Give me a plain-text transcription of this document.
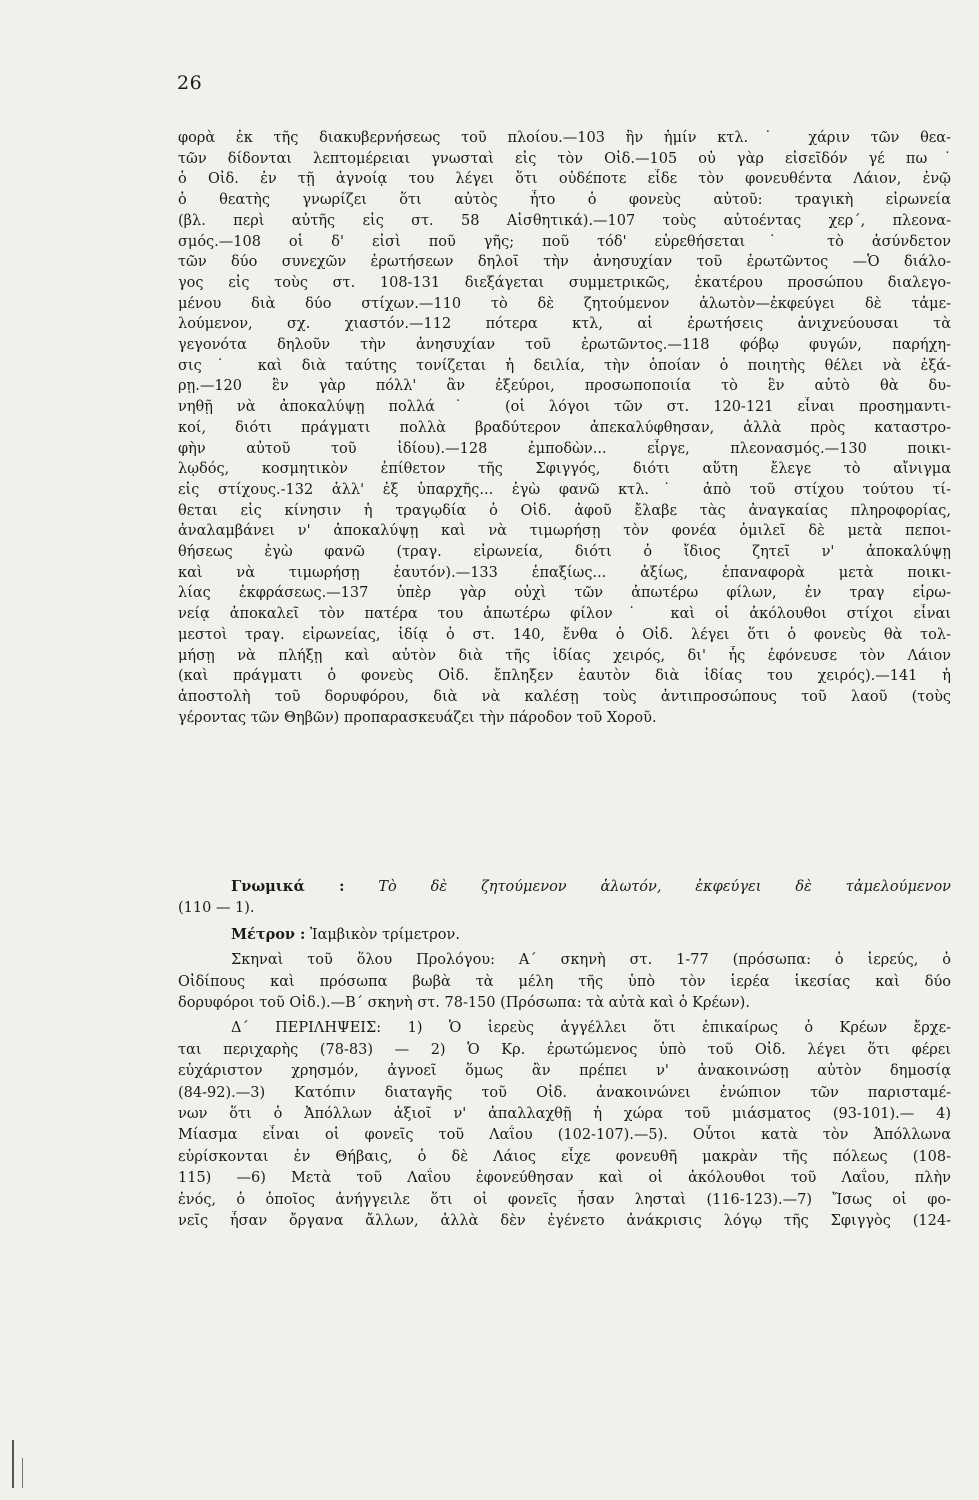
26
φορὰ ἐκ τῆς διακυβερνήσεως τοῦ πλοίου.—103 ἣν ἡμίν κτλ.˙ χάριν τῶν θεα-
τῶν δίδονται λεπτομέρειαι γνωσταὶ εἰς τὸν Οἰδ.—105 οὐ γὰρ εἰσεῖδόν γέ πω˙
ὁ Οἰδ. ἐν τῇ ἀγνοίᾳ του λέγει ὅτι οὐδέποτε εἶδε τὸν φονευθέντα Λάιον, ἐνῷ
ὁ θεατὴς γνωρίζει ὅτι αὐτὸς ἦτο ὁ φονεὺς αὐτοῦ: τραγικὴ εἰρωνεία
(βλ. περὶ αὐτῆς εἰς στ. 58 Αἰσθητικά).—107 τοὺς αὐτοέντας χερ΄, πλεονα-
σμός.—108 οἱ δ' εἰσὶ ποῦ γῆς; ποῦ τόδ' εὑρεθήσεται˙ τὸ ἀσύνδετον
τῶν δύο συνεχῶν ἐρωτήσεων δηλοῖ τὴν ἀνησυχίαν τοῦ ἐρωτῶντος —Ὁ διάλο-
γος εἰς τοὺς στ. 108-131 διεξάγεται συμμετρικῶς, ἑκατέρου προσώπου διαλεγο-
μένου διὰ δύο στίχων.—110 τὸ δὲ ζητούμενον ἁλωτὸν—ἐκφεύγει δὲ τἀμε-
λούμενον, σχ. χιαστόν.—112 πότερα κτλ, αἱ ἐρωτήσεις ἀνιχνεύουσαι τὰ
γεγονότα δηλοῦν τὴν ἀνησυχίαν τοῦ ἐρωτῶντος.—118 φόβῳ φυγών, παρήχη-
σις˙ καὶ διὰ ταύτης τονίζεται ἡ δειλία, τὴν ὁποίαν ὁ ποιητὴς θέλει νὰ ἐξά-
ρῃ.—120 ἓν γὰρ πόλλ' ἂν ἐξεύροι, προσωποποιία τὸ ἓν αὐτὸ θὰ δυ-
νηθῇ νὰ ἀποκαλύψῃ πολλά˙ (οἱ λόγοι τῶν στ. 120-121 εἶναι προσημαντι-
κοί, διότι πράγματι πολλὰ βραδύτερον ἀπεκαλύφθησαν, ἀλλὰ πρὸς καταστρο-
φὴν αὐτοῦ τοῦ ἰδίου).—128 ἐμποδὼν... εἶργε, πλεονασμός.—130 ποικι-
λῳδός, κοσμητικὸν ἐπίθετον τῆς Σφιγγός, διότι αὕτη ἔλεγε τὸ αἴνιγμα
εἰς στίχους.-132 ἀλλ' ἐξ ὑπαρχῆς... ἐγὼ φανῶ κτλ.˙ ἀπὸ τοῦ στίχου τούτου τί-
θεται εἰς κίνησιν ἡ τραγῳδία ὁ Οἰδ. ἀφοῦ ἔλαβε τὰς ἀναγκαίας πληροφορίας,
ἀναλαμβάνει ν' ἀποκαλύψῃ καὶ νὰ τιμωρήσῃ τὸν φονέα ὁμιλεῖ δὲ μετὰ πεποι-
θήσεως ἐγὼ φανῶ (τραγ. εἰρωνεία, διότι ὁ ἴδιος ζητεῖ ν' ἀποκαλύψῃ
καὶ νὰ τιμωρήσῃ ἑαυτόν).—133 ἐπαξίως... ἀξίως, ἐπαναφορὰ μετὰ ποικι-
λίας ἐκφράσεως.—137 ὑπὲρ γὰρ οὐχὶ τῶν ἀπωτέρω φίλων, ἐν τραγ εἰρω-
νείᾳ ἀποκαλεῖ τὸν πατέρα του ἀπωτέρω φίλον˙ καὶ οἱ ἀκόλουθοι στίχοι εἶναι
μεστοὶ τραγ. εἰρωνείας, ἰδίᾳ ὁ στ. 140, ἔνθα ὁ Οἰδ. λέγει ὅτι ὁ φονεὺς θὰ τολ-
μήσῃ νὰ πλήξῃ καὶ αὐτὸν διὰ τῆς ἰδίας χειρός, δι' ἧς ἐφόνευσε τὸν Λάιον
(καὶ πράγματι ὁ φονεὺς Οἰδ. ἔπληξεν ἑαυτὸν διὰ ἰδίας του χειρός).—141 ἡ
ἀποστολὴ τοῦ δορυφόρου, διὰ νὰ καλέσῃ τοὺς ἀντιπροσώπους τοῦ λαοῦ (τοὺς
γέροντας τῶν Θηβῶν) προπαρασκευάζει τὴν πάροδον τοῦ Χοροῦ.
Γνωμικά : Τὸ δὲ ζητούμενον ἁλωτόν, ἐκφεύγει δὲ τἀμελούμενον
(110 — 1).
Μέτρον : Ἰαμβικὸν τρίμετρον.
Σκηναὶ τοῦ ὅλου Προλόγου: Α΄ σκηνὴ στ. 1-77 (πρόσωπα: ὁ ἱερεύς, ὁ
Οἰδίπους καὶ πρόσωπα βωβὰ τὰ μέλη τῆς ὑπὸ τὸν ἱερέα ἱκεσίας καὶ δύο
δορυφόροι τοῦ Οἰδ.).—Β΄ σκηνὴ στ. 78-150 (Πρόσωπα: τὰ αὐτὰ καὶ ὁ Κρέων).
Δ΄ ΠΕΡΙΛΗΨΕΙΣ: 1) Ὁ ἱερεὺς ἀγγέλλει ὅτι ἐπικαίρως ὁ Κρέων ἔρχε-
ται περιχαρὴς (78-83) — 2) Ὁ Κρ. ἐρωτώμενος ὑπὸ τοῦ Οἰδ. λέγει ὅτι φέρει
εὐχάριστον χρησμόν, ἀγνοεῖ ὅμως ἂν πρέπει ν' ἀνακοινώσῃ αὐτὸν δημοσίᾳ
(84-92).—3) Κατόπιν διαταγῆς τοῦ Οἰδ. ἀνακοινώνει ἐνώπιον τῶν παρισταμέ-
νων ὅτι ὁ Ἀπόλλων ἀξιοῖ ν' ἀπαλλαχθῇ ἡ χώρα τοῦ μιάσματος (93-101).— 4)
Μίασμα εἶναι οἱ φονεῖς τοῦ Λαΐου (102-107).—5). Οὗτοι κατὰ τὸν Ἀπόλλωνα
εὑρίσκονται ἐν Θήβαις, ὁ δὲ Λάιος εἶχε φονευθῆ μακρὰν τῆς πόλεως (108-
115) —6) Μετὰ τοῦ Λαΐου ἐφονεύθησαν καὶ οἱ ἀκόλουθοι τοῦ Λαΐου, πλὴν
ἑνός, ὁ ὁποῖος ἀνήγγειλε ὅτι οἱ φονεῖς ἦσαν λησταὶ (116-123).—7) Ἴσως οἱ φο-
νεῖς ἦσαν ὄργανα ἄλλων, ἀλλὰ δὲν ἐγένετο ἀνάκρισις λόγῳ τῆς Σφιγγὸς (124-
